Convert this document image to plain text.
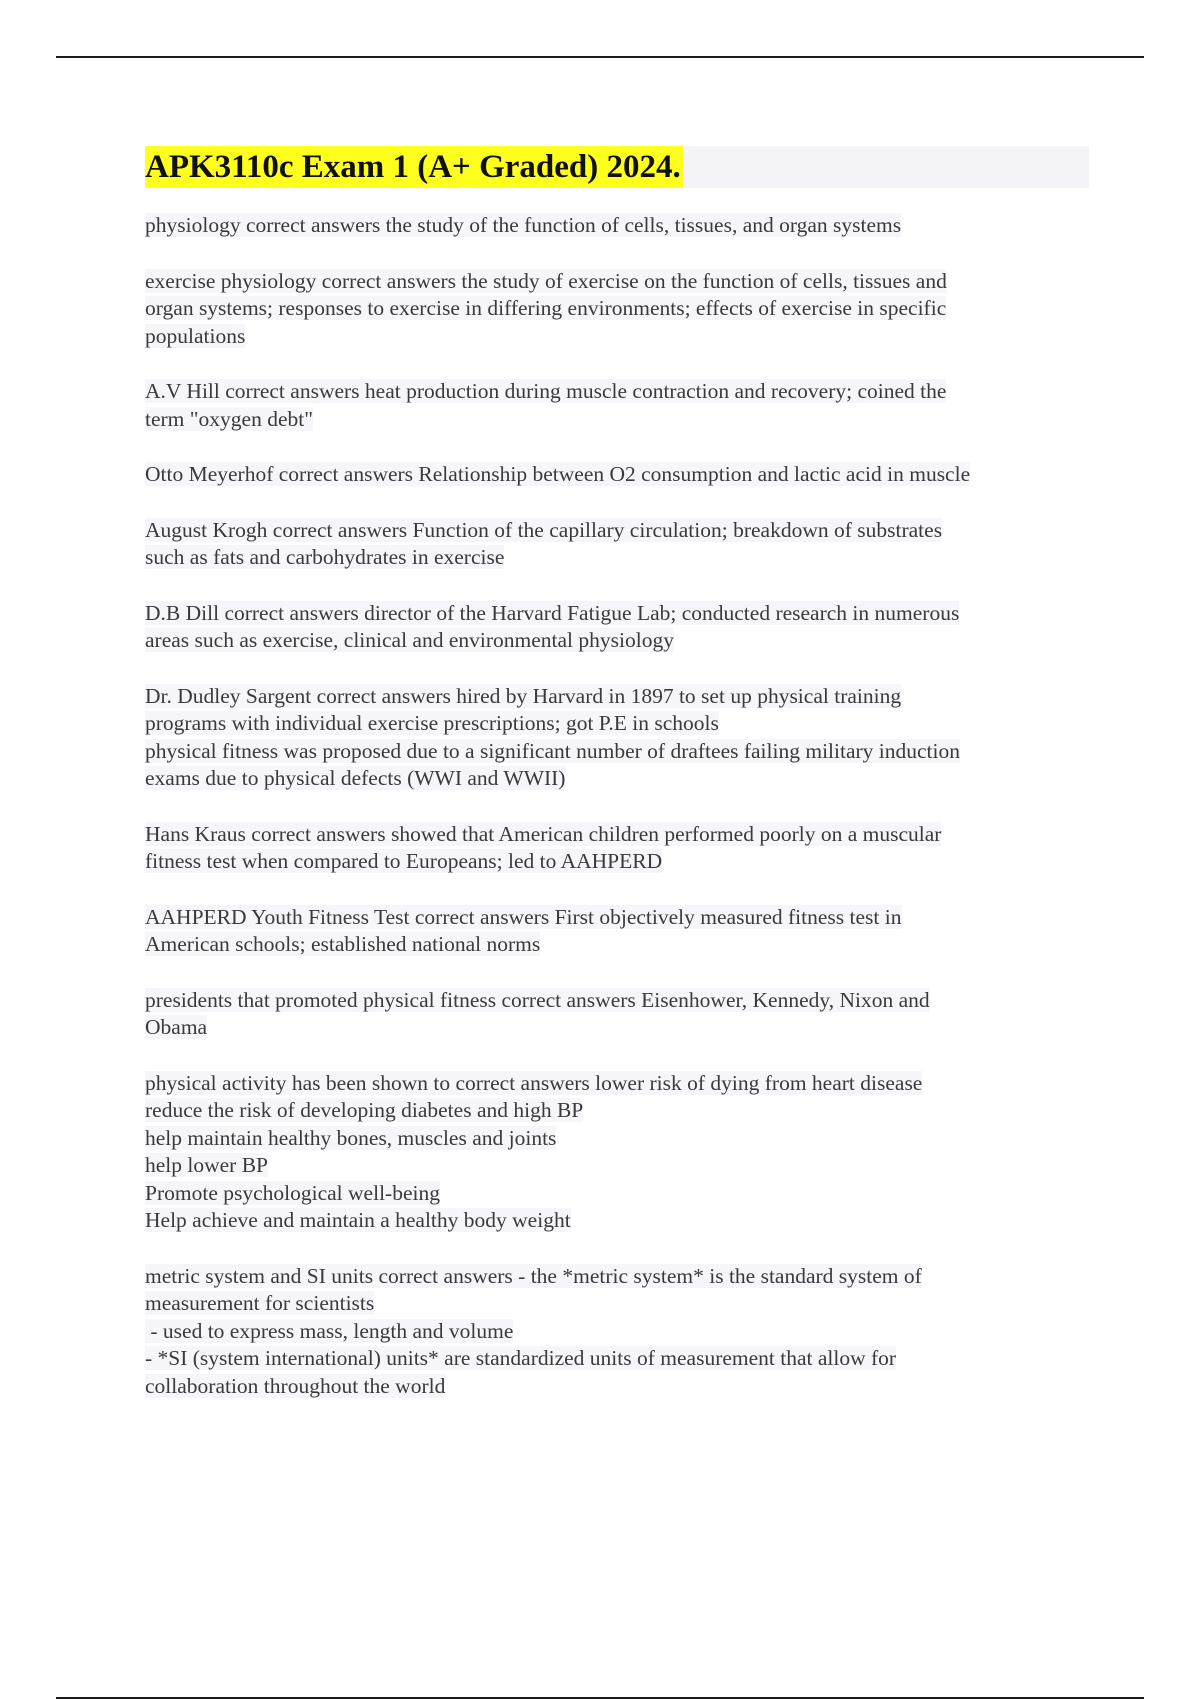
APK3110c Exam 1 (A+ Graded) 2024.
physiology correct answers the study of the function of cells, tissues, and organ systems
exercise physiology correct answers the study of exercise on the function of cells, tissues and
organ systems; responses to exercise in differing environments; effects of exercise in specific
populations
A.V Hill correct answers heat production during muscle contraction and recovery; coined the
term "oxygen debt"
Otto Meyerhof correct answers Relationship between O2 consumption and lactic acid in muscle
August Krogh correct answers Function of the capillary circulation; breakdown of substrates
such as fats and carbohydrates in exercise
D.B Dill correct answers director of the Harvard Fatigue Lab; conducted research in numerous
areas such as exercise, clinical and environmental physiology
Dr. Dudley Sargent correct answers hired by Harvard in 1897 to set up physical training
programs with individual exercise prescriptions; got P.E in schools
physical fitness was proposed due to a significant number of draftees failing military induction
exams due to physical defects (WWI and WWII)
Hans Kraus correct answers showed that American children performed poorly on a muscular
fitness test when compared to Europeans; led to AAHPERD
AAHPERD Youth Fitness Test correct answers First objectively measured fitness test in
American schools; established national norms
presidents that promoted physical fitness correct answers Eisenhower, Kennedy, Nixon and
Obama
physical activity has been shown to correct answers lower risk of dying from heart disease
reduce the risk of developing diabetes and high BP
help maintain healthy bones, muscles and joints
help lower BP
Promote psychological well-being
Help achieve and maintain a healthy body weight
metric system and SI units correct answers - the *metric system* is the standard system of
measurement for scientists
- used to express mass, length and volume
- *SI (system international) units* are standardized units of measurement that allow for
collaboration throughout the world
